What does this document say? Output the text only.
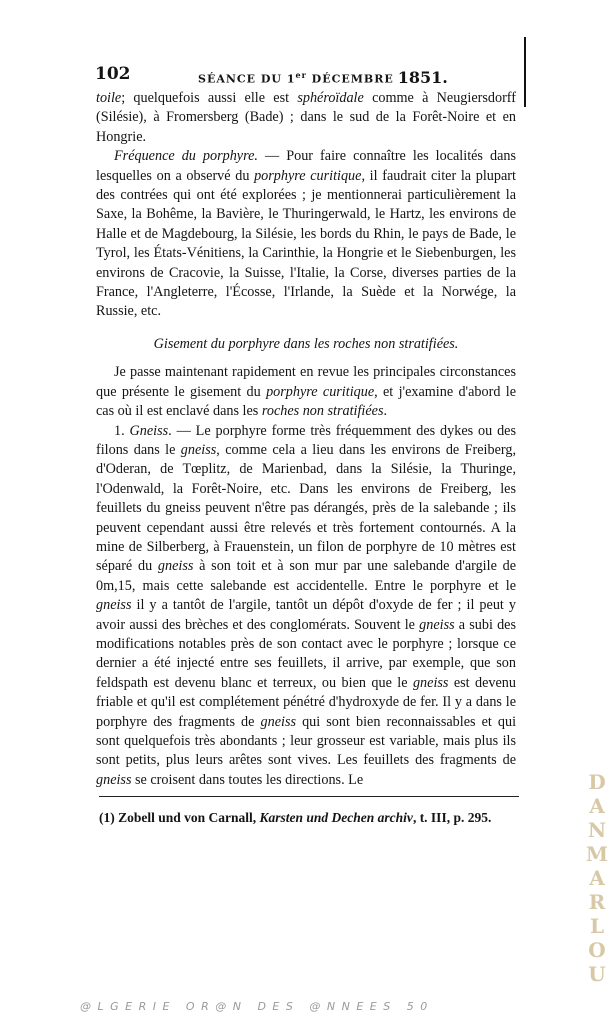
102	SÉANCE DU 1er DÉCEMBRE 1851.

toile; quelquefois aussi elle est sphéroïdale comme à Neugiersdorff (Silésie), à Fromersberg (Bade) ; dans le sud de la Forêt-Noire et en Hongrie.

Fréquence du porphyre. — Pour faire connaître les localités dans lesquelles on a observé du porphyre curitique, il faudrait citer la plupart des contrées qui ont été explorées ; je mentionnerai particulièrement la Saxe, la Bohême, la Bavière, le Thuringerwald, le Hartz, les environs de Halle et de Magdebourg, la Silésie, les bords du Rhin, le pays de Bade, le Tyrol, les États-Vénitiens, la Carinthie, la Hongrie et le Siebenburgen, les environs de Cracovie, la Suisse, l'Italie, la Corse, diverses parties de la France, l'Angleterre, l'Écosse, l'Irlande, la Suède et la Norwége, la Russie, etc.

Gisement du porphyre dans les roches non stratifiées.

Je passe maintenant rapidement en revue les principales circonstances que présente le gisement du porphyre curitique, et j'examine d'abord le cas où il est enclavé dans les roches non stratifiées.

1. Gneiss. — Le porphyre forme très fréquemment des dykes ou des filons dans le gneiss, comme cela a lieu dans les environs de Freiberg, d'Oderan, de Tœplitz, de Marienbad, dans la Silésie, la Thuringe, l'Odenwald, la Forêt-Noire, etc. Dans les environs de Freiberg, les feuillets du gneiss peuvent n'être pas dérangés, près de la salebande ; ils peuvent cependant aussi être relevés et très fortement contournés. A la mine de Silberberg, à Frauenstein, un filon de porphyre de 10 mètres est séparé du gneiss à son toit et à son mur par une salebande d'argile de 0m,15, mais cette salebande est accidentelle. Entre le porphyre et le gneiss il y a tantôt de l'argile, tantôt un dépôt d'oxyde de fer ; il peut y avoir aussi des brèches et des conglomérats. Souvent le gneiss a subi des modifications notables près de son contact avec le porphyre ; lorsque ce dernier a été injecté entre ses feuillets, il arrive, par exemple, que son feldspath est devenu blanc et terreux, ou bien que le gneiss est devenu friable et qu'il est complétement pénétré d'hydroxyde de fer. Il y a dans le porphyre des fragments de gneiss qui sont bien reconnaissables et qui sont quelquefois très abondants ; leur grosseur est variable, mais plus ils sont petits, plus leurs arêtes sont vives. Les feuillets des fragments de gneiss se croisent dans toutes les directions. Le

(1) Zobell und von Carnall, Karsten und Dechen archiv, t. III, p. 295.
D
A
N
M
A
R
L
O
U
@LGERIE OR@N DES @NNEES 50
